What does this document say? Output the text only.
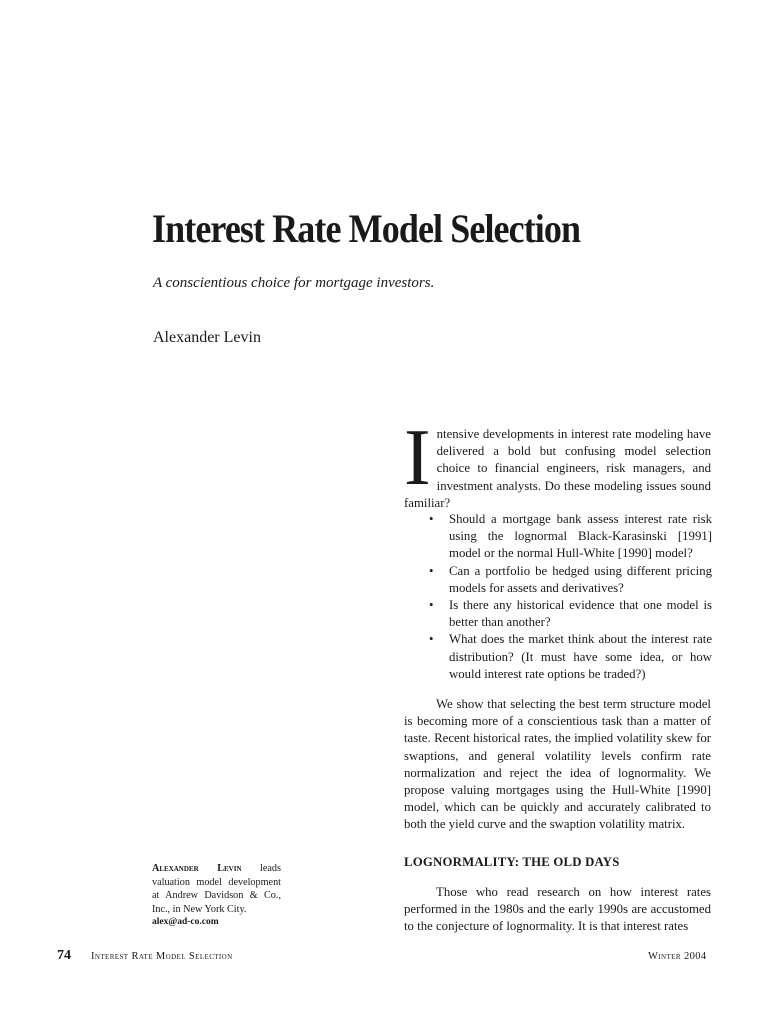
Interest Rate Model Selection
A conscientious choice for mortgage investors.
Alexander Levin
I ntensive developments in interest rate modeling have delivered a bold but confusing model selection choice to financial engineers, risk managers, and investment analysts. Do these modeling issues sound familiar?
• Should a mortgage bank assess interest rate risk using the lognormal Black-Karasinski [1991] model or the normal Hull-White [1990] model?
• Can a portfolio be hedged using different pricing models for assets and derivatives?
• Is there any historical evidence that one model is better than another?
• What does the market think about the interest rate distribution? (It must have some idea, or how would interest rate options be traded?)
We show that selecting the best term structure model is becoming more of a conscientious task than a matter of taste. Recent historical rates, the implied volatility skew for swaptions, and general volatility levels confirm rate normalization and reject the idea of lognormality. We propose valuing mortgages using the Hull-White [1990] model, which can be quickly and accurately calibrated to both the yield curve and the swaption volatility matrix.
LOGNORMALITY: THE OLD DAYS
Those who read research on how interest rates performed in the 1980s and the early 1990s are accustomed to the conjecture of lognormality. It is that interest rates
Alexander Levin leads valuation model development at Andrew Davidson & Co., Inc., in New York City.
alex@ad-co.com
74 Interest Rate Model Selection	Winter 2004
